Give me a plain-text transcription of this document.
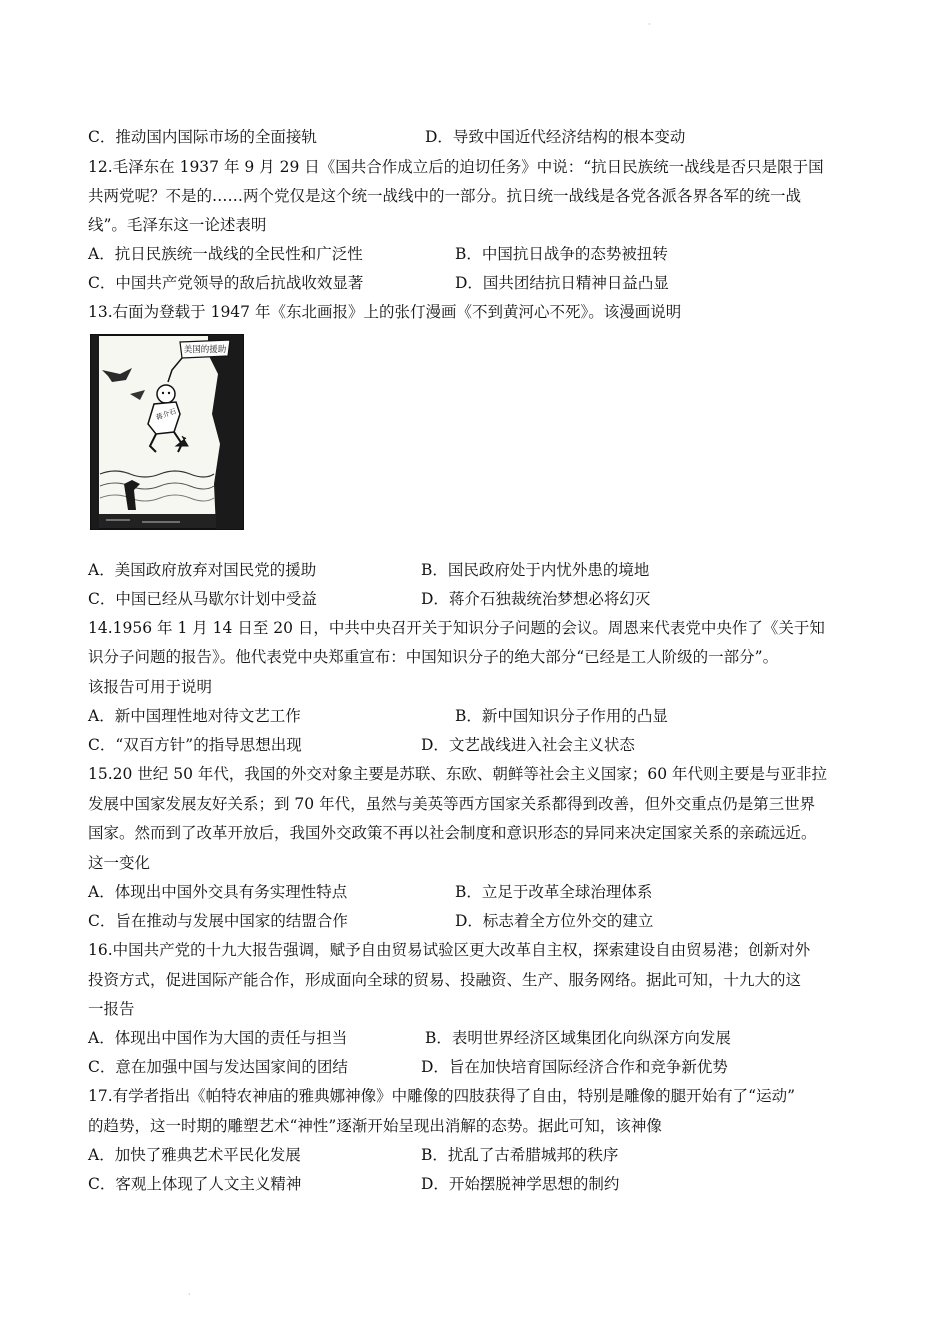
·
·
C．推动国内国际市场的全面接轨	D．导致中国近代经济结构的根本变动
12.毛泽东在 1937 年 9 月 29 日《国共合作成立后的迫切任务》中说：“抗日民族统一战线是否只是限于国
共两党呢？不是的……两个党仅是这个统一战线中的一部分。抗日统一战线是各党各派各界各军的统一战
线”。毛泽东这一论述表明
A．抗日民族统一战线的全民性和广泛性	B．中国抗日战争的态势被扭转
C．中国共产党领导的敌后抗战收效显著	D．国共团结抗日精神日益凸显
13.右面为登载于 1947 年《东北画报》上的张仃漫画《不到黄河心不死》。该漫画说明
美国的援助
蒋介石
A．美国政府放弃对国民党的援助	B．国民政府处于内忧外患的境地
C．中国已经从马歇尔计划中受益	D．蒋介石独裁统治梦想必将幻灭
14.1956 年 1 月 14 日至 20 日，中共中央召开关于知识分子问题的会议。周恩来代表党中央作了《关于知
识分子问题的报告》。他代表党中央郑重宣布：中国知识分子的绝大部分“已经是工人阶级的一部分”。
该报告可用于说明
A．新中国理性地对待文艺工作	B．新中国知识分子作用的凸显
C．“双百方针”的指导思想出现	D．文艺战线进入社会主义状态
15.20 世纪 50 年代，我国的外交对象主要是苏联、东欧、朝鲜等社会主义国家；60 年代则主要是与亚非拉
发展中国家发展友好关系；到 70 年代，虽然与美英等西方国家关系都得到改善，但外交重点仍是第三世界
国家。然而到了改革开放后，我国外交政策不再以社会制度和意识形态的异同来决定国家关系的亲疏远近。
这一变化
A．体现出中国外交具有务实理性特点	B．立足于改革全球治理体系
C．旨在推动与发展中国家的结盟合作	D．标志着全方位外交的建立
16.中国共产党的十九大报告强调，赋予自由贸易试验区更大改革自主权，探索建设自由贸易港；创新对外
投资方式，促进国际产能合作，形成面向全球的贸易、投融资、生产、服务网络。据此可知，十九大的这
一报告
A．体现出中国作为大国的责任与担当	B．表明世界经济区域集团化向纵深方向发展
C．意在加强中国与发达国家间的团结	D．旨在加快培育国际经济合作和竞争新优势
17.有学者指出《帕特农神庙的雅典娜神像》中雕像的四肢获得了自由，特别是雕像的腿开始有了“运动”
的趋势，这一时期的雕塑艺术“神性”逐渐开始呈现出消解的态势。据此可知，该神像
A．加快了雅典艺术平民化发展	B．扰乱了古希腊城邦的秩序
C．客观上体现了人文主义精神	D．开始摆脱神学思想的制约
